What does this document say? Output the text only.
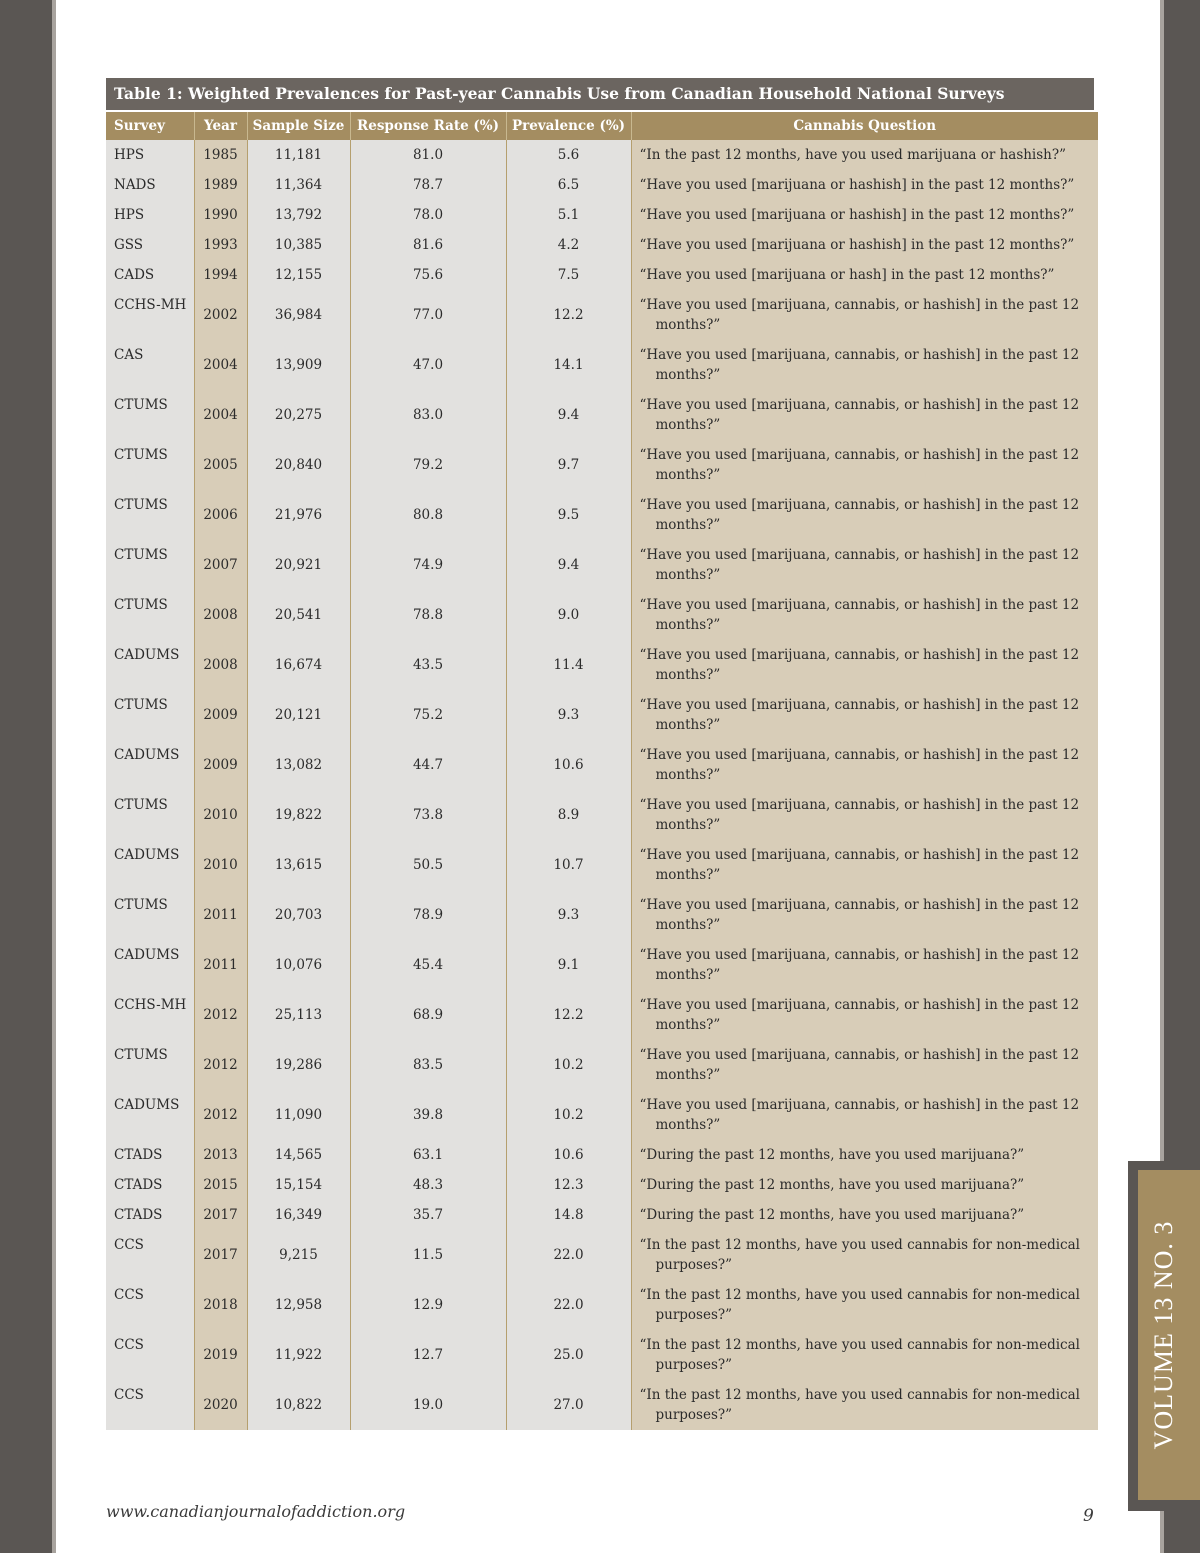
VOLUME 13 NO. 3
Table 1: Weighted Prevalences for Past-year Cannabis Use from Canadian Household National Surveys
Survey	Year	Sample Size	Response Rate (%)	Prevalence (%)	Cannabis Question
HPS	1985	11,181	81.0	5.6	“In the past 12 months, have you used marijuana or hashish?”

NADS	1989	11,364	78.7	6.5	“Have you used [marijuana or hashish] in the past 12 months?”

HPS	1990	13,792	78.0	5.1	“Have you used [marijuana or hashish] in the past 12 months?”

GSS	1993	10,385	81.6	4.2	“Have you used [marijuana or hashish] in the past 12 months?”

CADS	1994	12,155	75.6	7.5	“Have you used [marijuana or hash] in the past 12 months?”

CCHS-MH	2002	36,984	77.0	12.2	“Have you used [marijuana, cannabis, or hashish] in the past 12 months?”

CAS	2004	13,909	47.0	14.1	“Have you used [marijuana, cannabis, or hashish] in the past 12 months?”

CTUMS	2004	20,275	83.0	9.4	“Have you used [marijuana, cannabis, or hashish] in the past 12 months?”

CTUMS	2005	20,840	79.2	9.7	“Have you used [marijuana, cannabis, or hashish] in the past 12 months?”

CTUMS	2006	21,976	80.8	9.5	“Have you used [marijuana, cannabis, or hashish] in the past 12 months?”

CTUMS	2007	20,921	74.9	9.4	“Have you used [marijuana, cannabis, or hashish] in the past 12 months?”

CTUMS	2008	20,541	78.8	9.0	“Have you used [marijuana, cannabis, or hashish] in the past 12 months?”

CADUMS	2008	16,674	43.5	11.4	“Have you used [marijuana, cannabis, or hashish] in the past 12 months?”

CTUMS	2009	20,121	75.2	9.3	“Have you used [marijuana, cannabis, or hashish] in the past 12 months?”

CADUMS	2009	13,082	44.7	10.6	“Have you used [marijuana, cannabis, or hashish] in the past 12 months?”

CTUMS	2010	19,822	73.8	8.9	“Have you used [marijuana, cannabis, or hashish] in the past 12 months?”

CADUMS	2010	13,615	50.5	10.7	“Have you used [marijuana, cannabis, or hashish] in the past 12 months?”

CTUMS	2011	20,703	78.9	9.3	“Have you used [marijuana, cannabis, or hashish] in the past 12 months?”

CADUMS	2011	10,076	45.4	9.1	“Have you used [marijuana, cannabis, or hashish] in the past 12 months?”

CCHS-MH	2012	25,113	68.9	12.2	“Have you used [marijuana, cannabis, or hashish] in the past 12 months?”

CTUMS	2012	19,286	83.5	10.2	“Have you used [marijuana, cannabis, or hashish] in the past 12 months?”

CADUMS	2012	11,090	39.8	10.2	“Have you used [marijuana, cannabis, or hashish] in the past 12 months?”

CTADS	2013	14,565	63.1	10.6	“During the past 12 months, have you used marijuana?”

CTADS	2015	15,154	48.3	12.3	“During the past 12 months, have you used marijuana?”

CTADS	2017	16,349	35.7	14.8	“During the past 12 months, have you used marijuana?”

CCS	2017	9,215	11.5	22.0	“In the past 12 months, have you used cannabis for non-medical purposes?”

CCS	2018	12,958	12.9	22.0	“In the past 12 months, have you used cannabis for non-medical purposes?”

CCS	2019	11,922	12.7	25.0	“In the past 12 months, have you used cannabis for non-medical purposes?”

CCS	2020	10,822	19.0	27.0	“In the past 12 months, have you used cannabis for non-medical purposes?”
www.canadianjournalofaddiction.org	9
